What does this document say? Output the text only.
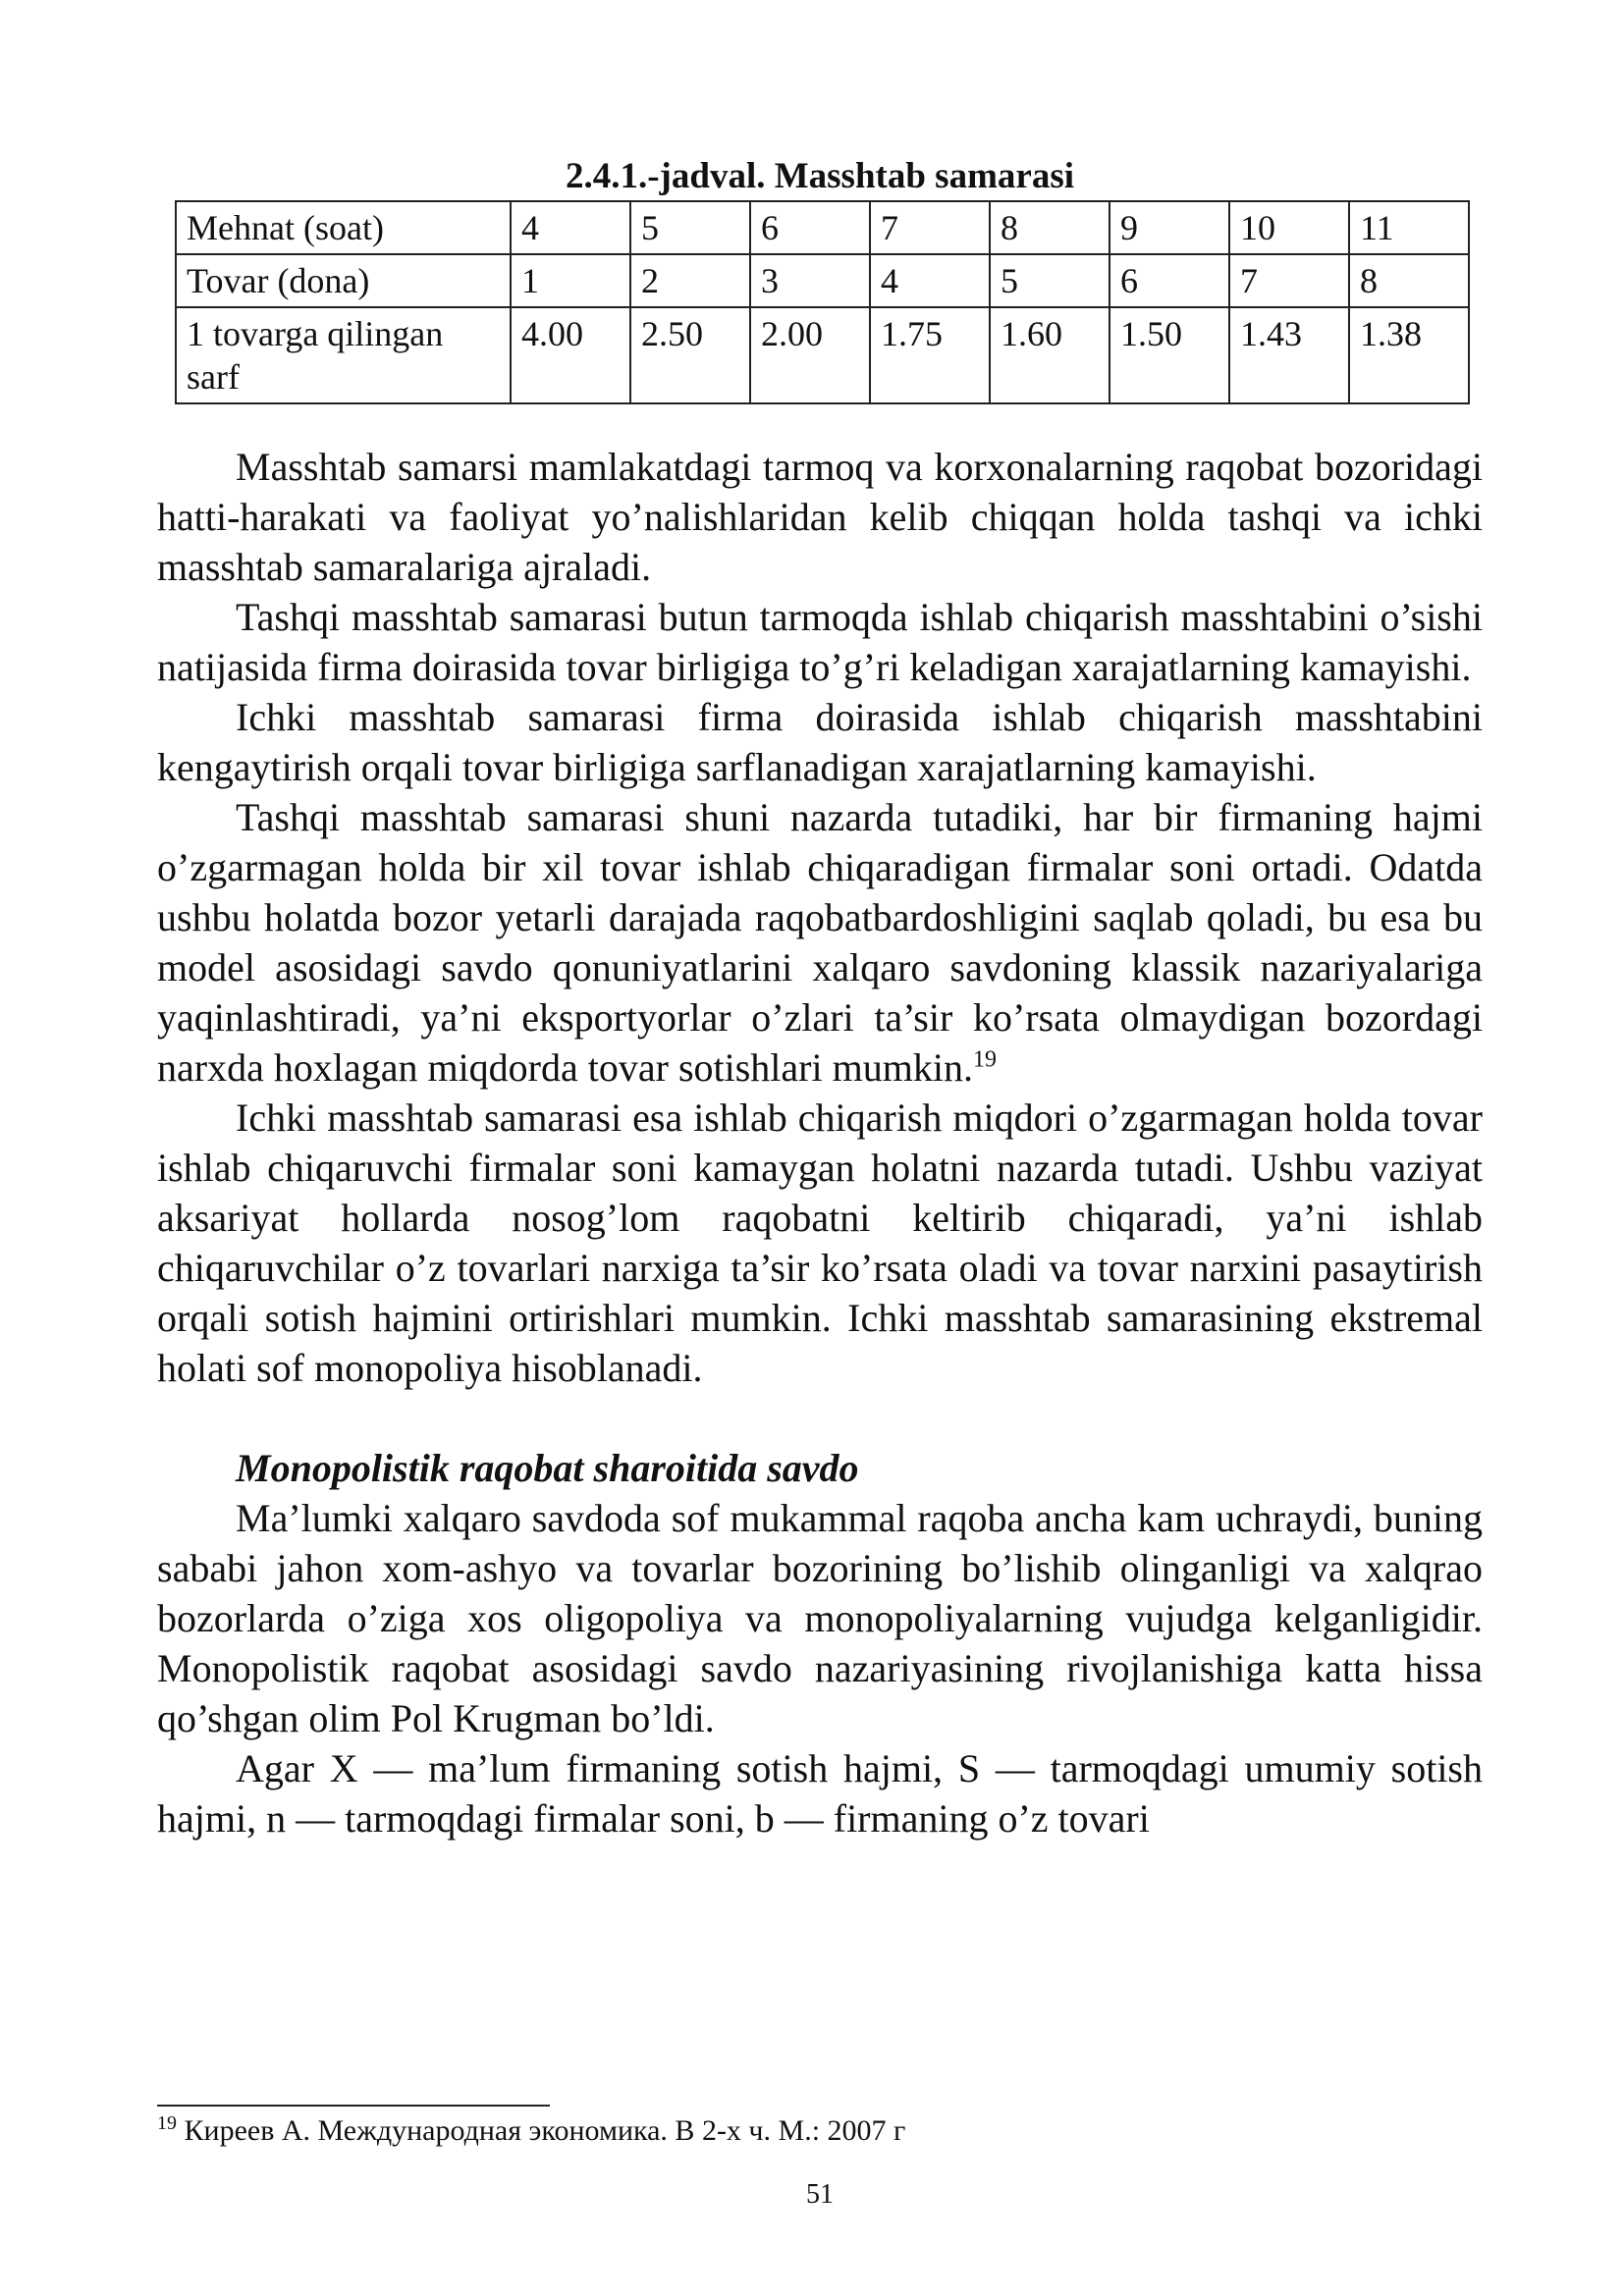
2.4.1.-jadval. Masshtab samarasi
Mehnat (soat)	4	5	6	7	8	9	10	11
Tovar (dona)	1	2	3	4	5	6	7	8
1 tovarga qilingan sarf	4.00	2.50	2.00	1.75	1.60	1.50	1.43	1.38

Masshtab samarsi mamlakatdagi tarmoq va korxonalarning raqobat bozoridagi hatti-harakati va faoliyat yo’nalishlaridan kelib chiqqan holda tashqi va ichki masshtab samaralariga ajraladi.

Tashqi masshtab samarasi butun tarmoqda ishlab chiqarish masshtabini o’sishi natijasida firma doirasida tovar birligiga to’g’ri keladigan xarajatlarning kamayishi.

Ichki masshtab samarasi firma doirasida ishlab chiqarish masshtabini kengaytirish orqali tovar birligiga sarflanadigan xarajatlarning kamayishi.

Tashqi masshtab samarasi shuni nazarda tutadiki, har bir firmaning hajmi o’zgarmagan holda bir xil tovar ishlab chiqaradigan firmalar soni ortadi. Odatda ushbu holatda bozor yetarli darajada raqobatbardoshligini saqlab qoladi, bu esa bu model asosidagi savdo qonuniyatlarini xalqaro savdoning klassik nazariyalariga yaqinlashtiradi, ya’ni eksportyorlar o’zlari ta’sir ko’rsata olmaydigan bozordagi narxda hoxlagan miqdorda tovar sotishlari mumkin.$^{19}$

Ichki masshtab samarasi esa ishlab chiqarish miqdori o’zgarmagan holda tovar ishlab chiqaruvchi firmalar soni kamaygan holatni nazarda tutadi. Ushbu vaziyat aksariyat hollarda nosog’lom raqobatni keltirib chiqaradi, ya’ni ishlab chiqaruvchilar o’z tovarlari narxiga ta’sir ko’rsata oladi va tovar narxini pasaytirish orqali sotish hajmini ortirishlari mumkin. Ichki masshtab samarasining ekstremal holati sof monopoliya hisoblanadi.

Monopolistik raqobat sharoitida savdo

Ma’lumki xalqaro savdoda sof mukammal raqoba ancha kam uchraydi, buning sababi jahon xom-ashyo va tovarlar bozorining bo’lishib olinganligi va xalqrao bozorlarda o’ziga xos oligopoliya va monopoliyalarning vujudga kelganligidir. Monopolistik raqobat asosidagi savdo nazariyasining rivojlanishiga katta hissa qo’shgan olim Pol Krugman bo’ldi.

Agar X — ma’lum firmaning sotish hajmi, S — tarmoqdagi umumiy sotish hajmi, n — tarmoqdagi firmalar soni, b — firmaning o’z tovari

$^{19}$ Киреев А. Международная экономика. В 2-х ч. М.: 2007 г
51
